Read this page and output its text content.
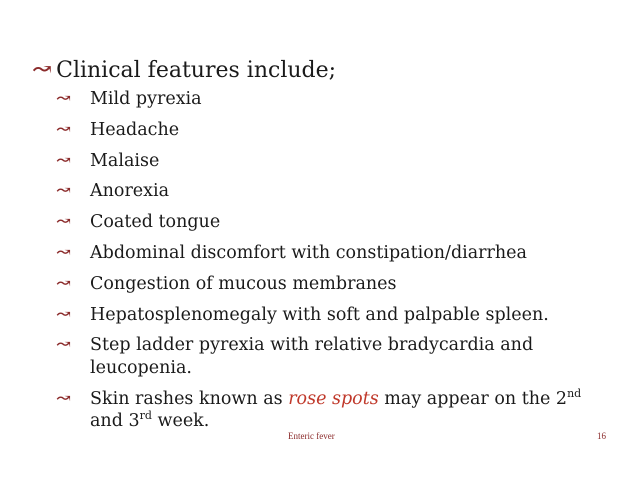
↝ Clinical features include;
↝	Mild pyrexia
↝	Headache
↝	Malaise
↝	Anorexia
↝	Coated tongue
↝	Abdominal discomfort with constipation/diarrhea
↝	Congestion of mucous membranes
↝	Hepatosplenomegaly with soft and palpable spleen.
↝	Step ladder pyrexia with relative bradycardia and leucopenia.
↝	Skin rashes known as rose spots may appear on the 2nd and 3rd week.
Enteric fever	16
